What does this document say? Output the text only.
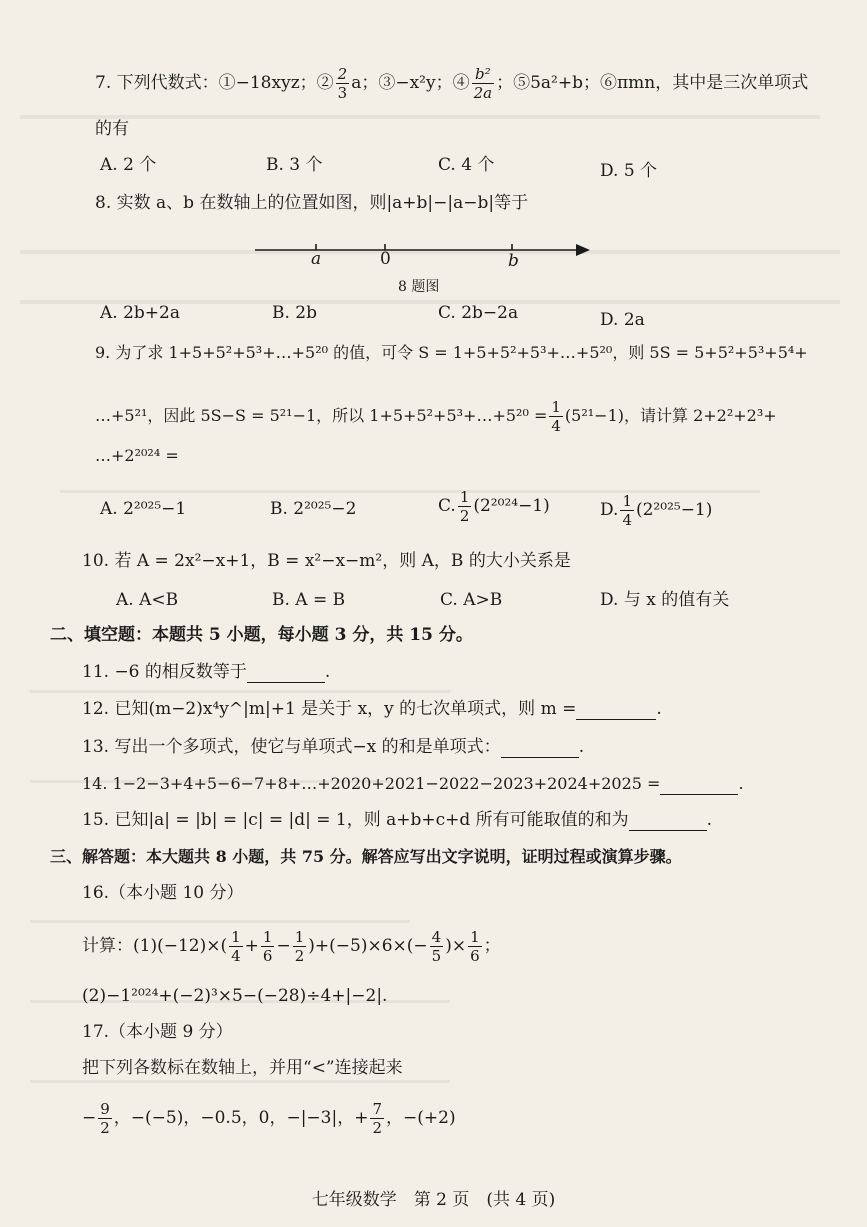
7. 下列代数式：①−18xyz；② $\frac{2}{3}$ a；③−x²y；④ $\frac{\text{b²}}{2a}$ ；⑤5a²+b；⑥πmn，其中是三次单项式
的有
A. 2 个	B. 3 个	C. 4 个	D. 5 个
8. 实数 a、b 在数轴上的位置如图，则|a+b|−|a−b|等于
a	0	b
8 题图
A. 2b+2a	B. 2b	C. 2b−2a	D. 2a
9. 为了求 1+5+5²+5³+…+5²⁰ 的值，可令 S = 1+5+5²+5³+…+5²⁰，则 5S = 5+5²+5³+5⁴+
…+5²¹，因此 5S−S = 5²¹−1，所以 1+5+5²+5³+…+5²⁰ = $\frac{1}{4} (5^{21}-1)$，请计算 2+2²+2³+
…+2²⁰²⁴ =
A. 2²⁰²⁵−1	B. 2²⁰²⁵−2	C. $\frac{1}{2} (2^{2024}-1)$	D. $\frac{1}{4} (2^{2025}-1)$
10. 若 A = 2x²−x+1，B = x²−x−m²，则 A，B 的大小关系是
A. A<B	B. A = B	C. A>B	D. 与 x 的值有关
二、填空题：本题共 5 小题，每小题 3 分，共 15 分。
11. −6 的相反数等于	.
12. 已知(m−2)x⁴y^|m|+1 是关于 x，y 的七次单项式，则 m =	.
13. 写出一个多项式，使它与单项式−x 的和是单项式：	.
14. 1−2−3+4+5−6−7+8+…+2020+2021−2022−2023+2024+2025 =	.
15. 已知|a| = |b| = |c| = |d| = 1，则 a+b+c+d 所有可能取值的和为	.
三、解答题：本大题共 8 小题，共 75 分。解答应写出文字说明，证明过程或演算步骤。
16.（本小题 10 分）
计算：$(1)(-12)\times( \frac{1}{4} + \frac{1}{6} - \frac{1}{2} )+(-5)\times 6\times(- \frac{4}{5}$ )× $\frac{1}{6}$ ；
(2)−1²⁰²⁴+(−2)³×5−(−28)÷4+|−2|.
17.（本小题 9 分）
把下列各数标在数轴上，并用“<”连接起来
− $\frac{9}{2}$ ，−(−5)，−0.5，0，−|−3|，+ $\frac{7}{2}$ ，−(+2)
七年级数学　第 2 页　(共 4 页)
